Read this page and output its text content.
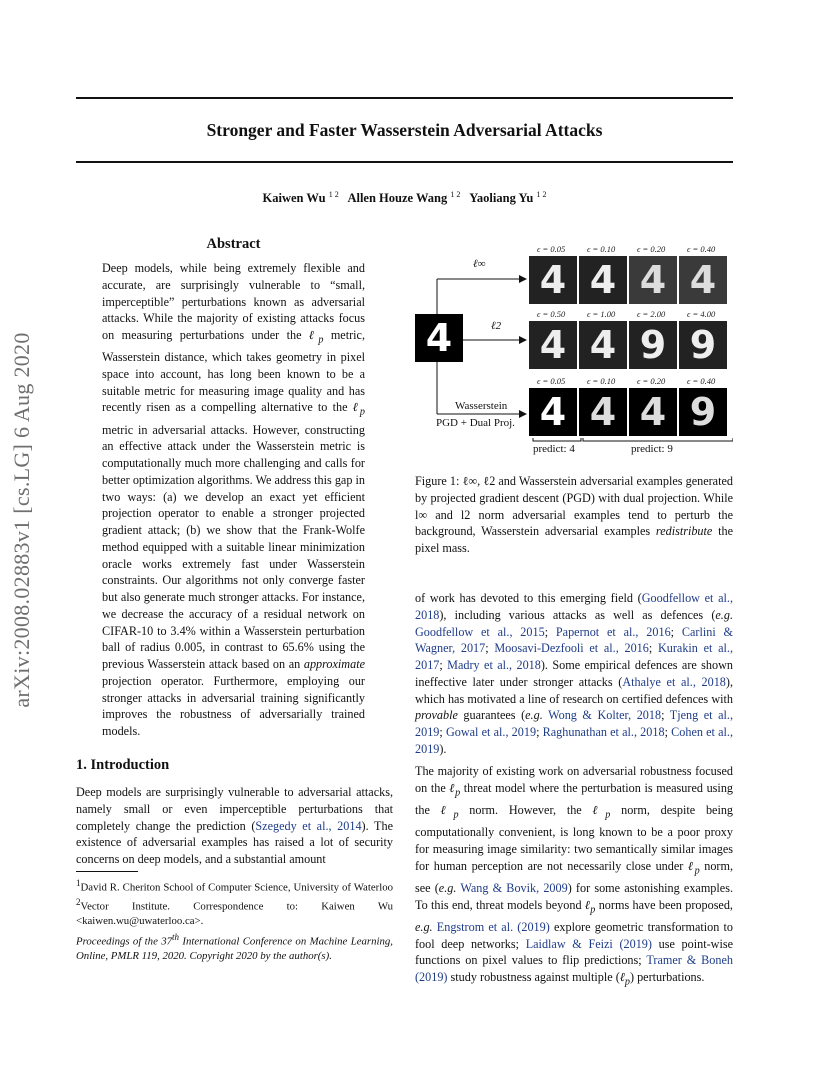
Stronger and Faster Wasserstein Adversarial Attacks
Kaiwen Wu $^{1 2}$ Allen Houze Wang $^{1 2}$ Yaoliang Yu $^{1 2}$
arXiv:2008.02883v1 [cs.LG] 6 Aug 2020
Abstract
Deep models, while being extremely flexible and accurate, are surprisingly vulnerable to “small, imperceptible” perturbations known as adversarial attacks. While the majority of existing attacks focus on measuring perturbations under the ℓ$_p$ metric, Wasserstein distance, which takes geometry in pixel space into account, has long been known to be a suitable metric for measuring image quality and has recently risen as a compelling alternative to the ℓ$_p$ metric in adversarial attacks. However, constructing an effective attack under the Wasserstein metric is computationally much more challenging and calls for better optimization algorithms. We address this gap in two ways: (a) we develop an exact yet efficient projection operator to enable a stronger projected gradient attack; (b) we show that the Frank-Wolfe method equipped with a suitable linear minimization oracle works extremely fast under Wasserstein constraints. Our algorithms not only converge faster but also generate much stronger attacks. For instance, we decrease the accuracy of a residual network on CIFAR-10 to 3.4% within a Wasserstein perturbation ball of radius 0.005, in contrast to 65.6% using the previous Wasserstein attack based on an approximate projection operator. Furthermore, employing our stronger attacks in adversarial training significantly improves the robustness of adversarially trained models.
1. Introduction
Deep models are surprisingly vulnerable to adversarial attacks, namely small or even imperceptible perturbations that completely change the prediction (Szegedy et al., 2014). The existence of adversarial examples has raised a lot of security concerns on deep models, and a substantial amount
$^1$David R. Cheriton School of Computer Science, University of Waterloo $^2$Vector Institute. Correspondence to: Kaiwen Wu <kaiwen.wu@uwaterloo.ca>.
Proceedings of the 37th International Conference on Machine Learning, Online, PMLR 119, 2020. Copyright 2020 by the author(s).
4
ℓ∞
ℓ2
Wasserstein
PGD + Dual Proj.
ϵ = 0.05	ϵ = 0.10	ϵ = 0.20	ϵ = 0.40
4 4 4 4
ϵ = 0.50	ϵ = 1.00	ϵ = 2.00	ϵ = 4.00
4 4 9 9
ϵ = 0.05	ϵ = 0.10	ϵ = 0.20	ϵ = 0.40
4 4 4 9
predict: 4	predict: 9
Figure 1: ℓ∞, ℓ2 and Wasserstein adversarial examples generated by projected gradient descent (PGD) with dual projection. While l∞ and l2 norm adversarial examples tend to perturb the background, Wasserstein adversarial examples redistribute the pixel mass.
of work has devoted to this emerging field (Goodfellow et al., 2018), including various attacks as well as defences (e.g. Goodfellow et al., 2015; Papernot et al., 2016; Carlini & Wagner, 2017; Moosavi-Dezfooli et al., 2016; Kurakin et al., 2017; Madry et al., 2018). Some empirical defences are shown ineffective later under stronger attacks (Athalye et al., 2018), which has motivated a line of research on certified defences with provable guarantees (e.g. Wong & Kolter, 2018; Tjeng et al., 2019; Gowal et al., 2019; Raghunathan et al., 2018; Cohen et al., 2019).
The majority of existing work on adversarial robustness focused on the ℓ$_p$ threat model where the perturbation is measured using the ℓ$_p$ norm. However, the ℓ$_p$ norm, despite being computationally convenient, is long known to be a poor proxy for measuring image similarity: two semantically similar images for human perception are not necessarily close under ℓ$_p$ norm, see (e.g. Wang & Bovik, 2009) for some astonishing examples. To this end, threat models beyond ℓ$_p$ norms have been proposed, e.g. Engstrom et al. (2019) explore geometric transformation to fool deep networks; Laidlaw & Feizi (2019) use point-wise functions on pixel values to flip predictions; Tramer & Boneh (2019) study robustness against multiple (ℓ$_p$) perturbations.
